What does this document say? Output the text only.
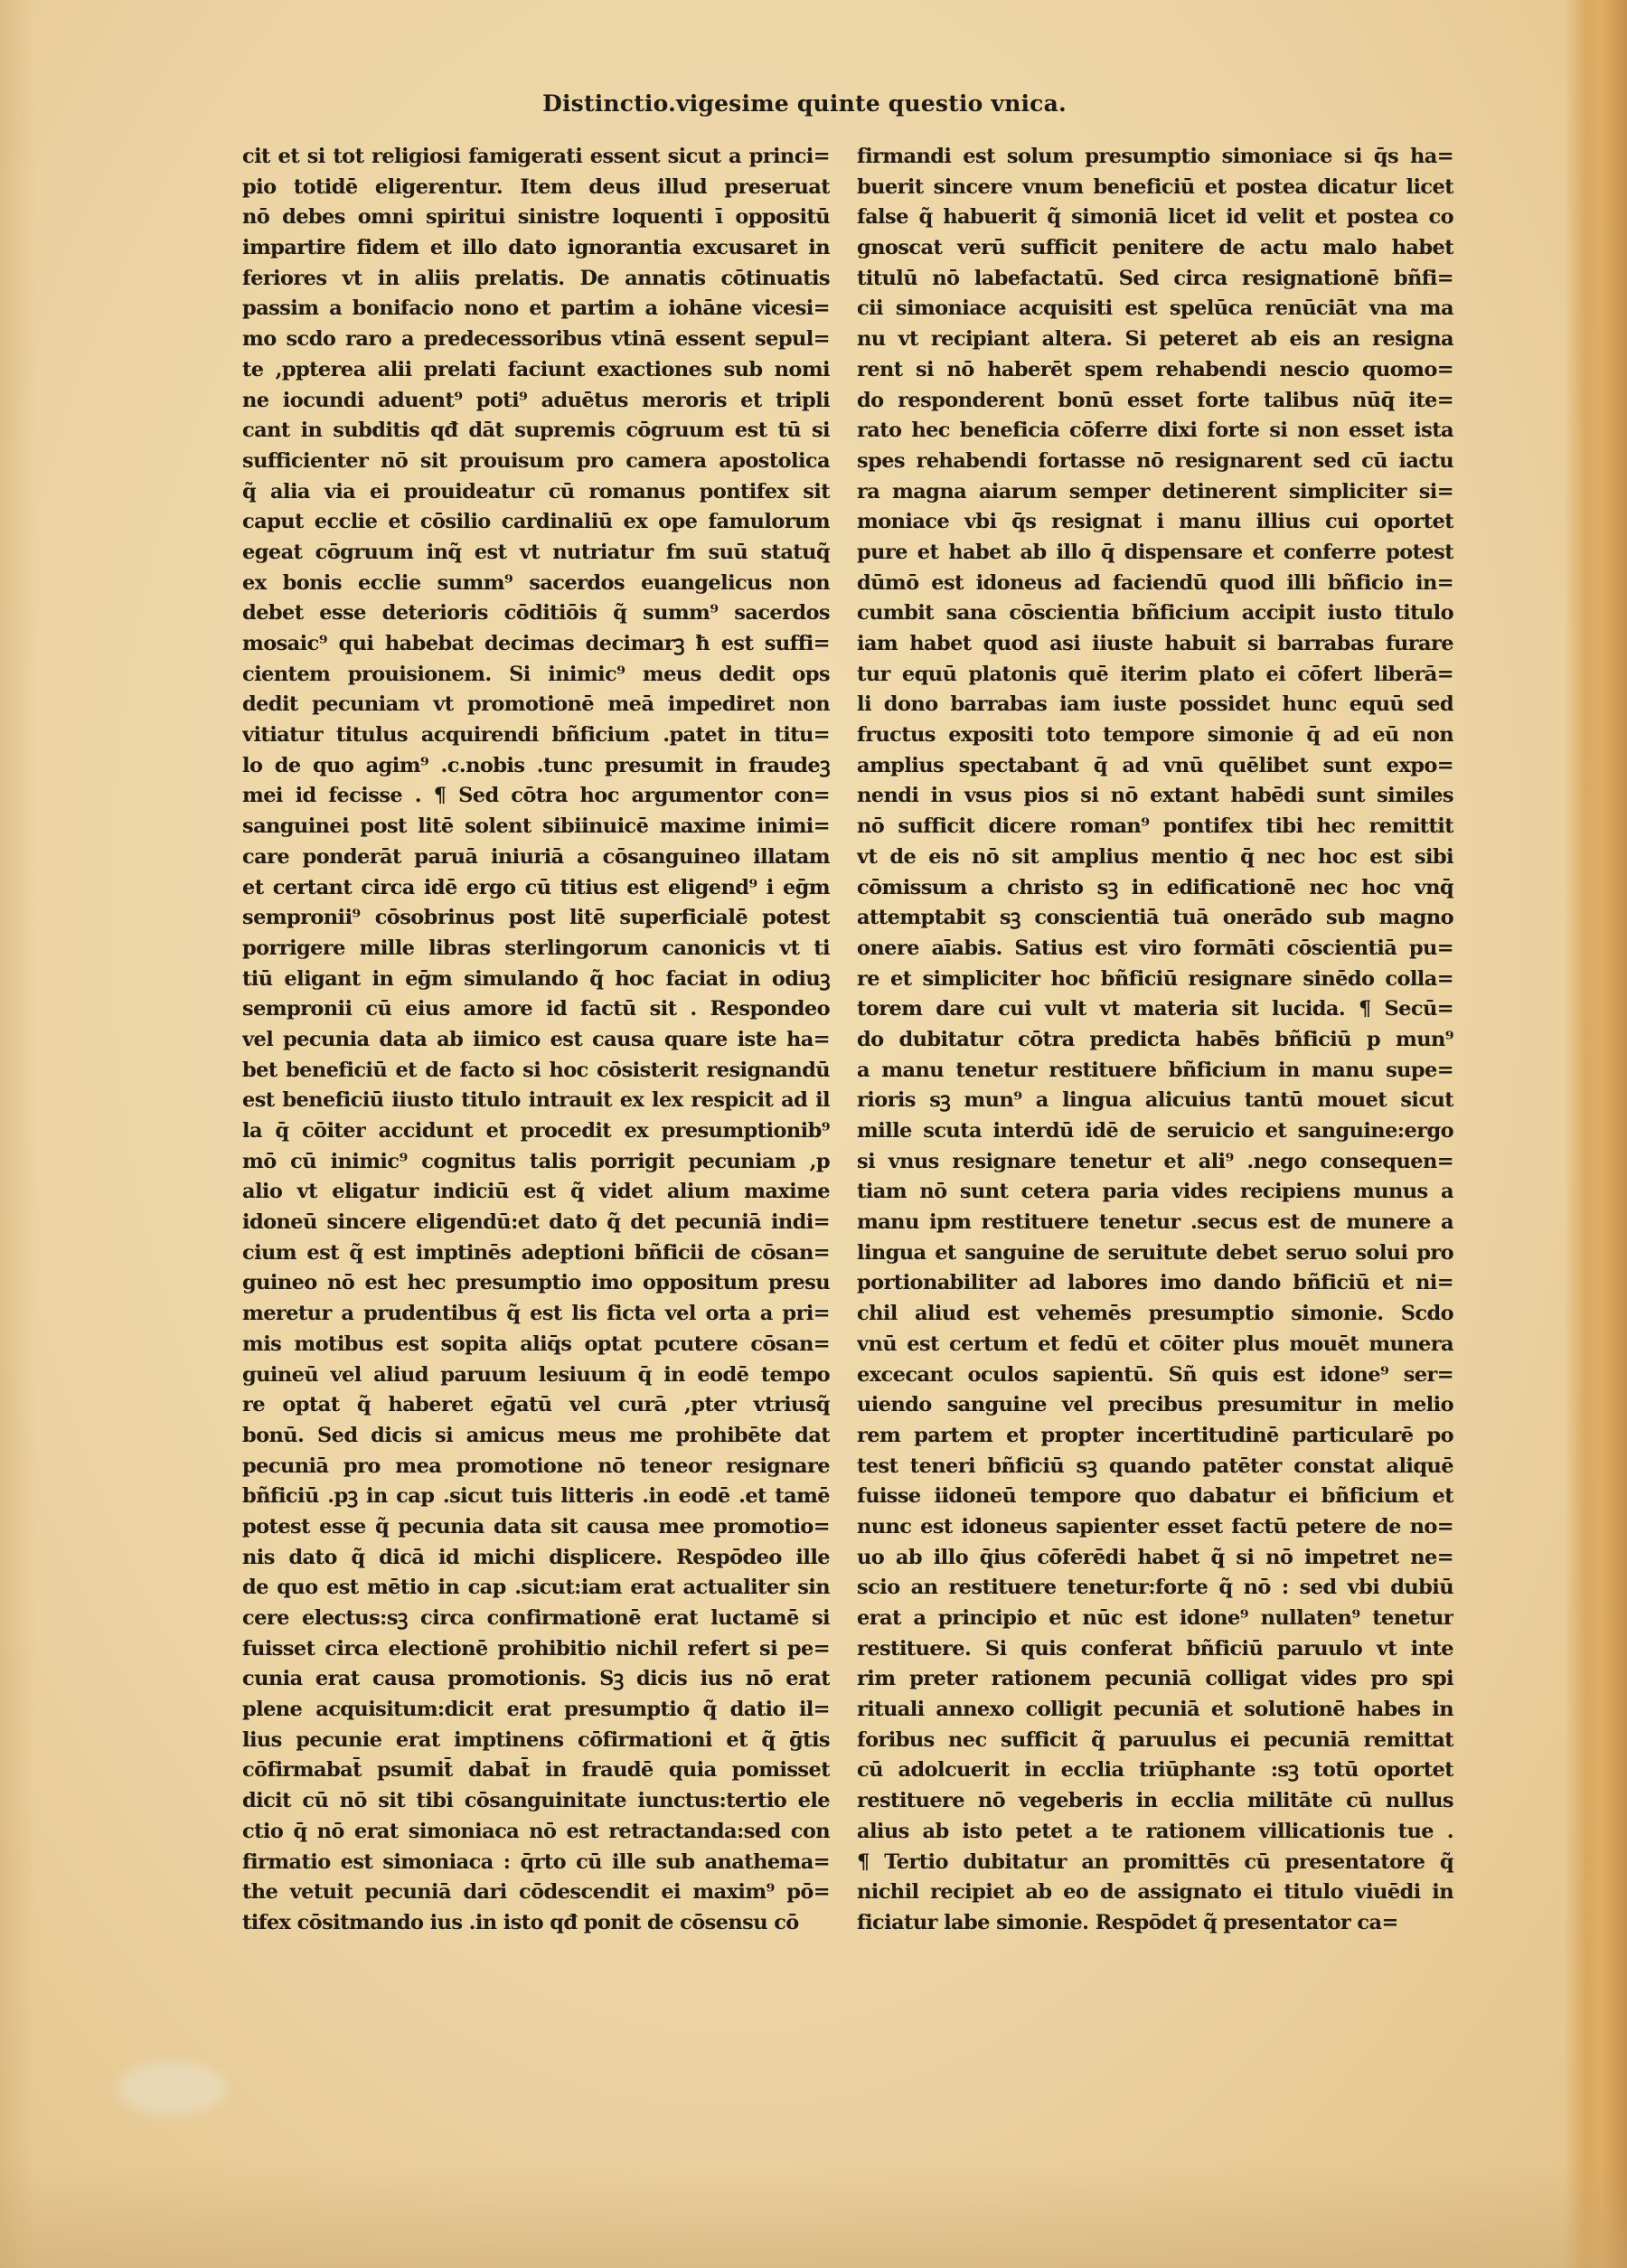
Distinctio.vigesime quinte questio vnica.
cit et si tot religiosi famigerati essent sicut a princi=
pio totidē eligerentur. Item deus illud preseruat
nō debes omni spiritui sinistre loquenti ī oppositū
impartire fidem et illo dato ignorantia excusaret in
feriores vt in aliis prelatis. De annatis cōtinuatis
passim a bonifacio nono et partim a iohāne vicesi=
mo scdo raro a predecessoribus vtinā essent sepul=
te ,ppterea alii prelati faciunt exactiones sub nomi
ne iocundi aduent⁹ poti⁹ aduētus meroris et tripli
cant in subditis qđ dāt supremis cōgruum est tū si
sufficienter nō sit prouisum pro camera apostolica
q̃ alia via ei prouideatur cū romanus pontifex sit
caput ecclie et cōsilio cardinaliū ex ope famulorum
egeat cōgruum inq̃ est vt nutriatur fm suū statuq̃
ex bonis ecclie summ⁹ sacerdos euangelicus non
debet esse deterioris cōditiōis q̃ summ⁹ sacerdos
mosaic⁹ qui habebat decimas decimarꝫ ħ est suffi=
cientem prouisionem. Si inimic⁹ meus dedit ops
dedit pecuniam vt promotionē meā impediret non
vitiatur titulus acquirendi bñficium .patet in titu=
lo de quo agim⁹ .c.nobis .tunc presumit in fraudeꝫ
mei id fecisse . ¶ Sed cōtra hoc argumentor con=
sanguinei post litē solent sibiinuicē maxime inimi=
care ponderāt paruā iniuriā a cōsanguineo illatam
et certant circa idē ergo cū titius est eligend⁹ i eḡm
sempronii⁹ cōsobrinus post litē superficialē potest
porrigere mille libras sterlingorum canonicis vt ti
tiū eligant in eḡm simulando q̃ hoc faciat in odiuꝫ
sempronii cū eius amore id factū sit . Respondeo
vel pecunia data ab iimico est causa quare iste ha=
bet beneficiū et de facto si hoc cōsisterit resignandū
est beneficiū iiusto titulo intrauit ex lex respicit ad il
la q̄ cōiter accidunt et procedit ex presumptionib⁹
mō cū inimic⁹ cognitus talis porrigit pecuniam ,p
alio vt eligatur indiciū est q̃ videt alium maxime
idoneū sincere eligendū:et dato q̃ det pecuniā indi=
cium est q̃ est imptinēs adeptioni bñficii de cōsan=
guineo nō est hec presumptio imo oppositum presu
meretur a prudentibus q̃ est lis ficta vel orta a pri=
mis motibus est sopita aliq̄s optat pcutere cōsan=
guineū vel aliud paruum lesiuum q̄ in eodē tempo
re optat q̃ haberet eḡatū vel curā ,pter vtriusq̃
bonū. Sed dicis si amicus meus me prohibēte dat
pecuniā pro mea promotione nō teneor resignare
bñficiū .pꝫ in cap .sicut tuis litteris .in eodē .et tamē
potest esse q̃ pecunia data sit causa mee promotio=
nis dato q̃ dicā id michi displicere. Respōdeo ille
de quo est mētio in cap .sicut:iam erat actualiter sin
cere electus:sꝫ circa confirmationē erat luctamē si
fuisset circa electionē prohibitio nichil refert si pe=
cunia erat causa promotionis. Sꝫ dicis ius nō erat
plene acquisitum:dicit erat presumptio q̃ datio il=
lius pecunie erat imptinens cōfirmationi et q̃ ḡtis
cōfirmabat̄ psumit̄ dabat̄ in fraudē quia pomisset
dicit cū nō sit tibi cōsanguinitate iunctus:tertio ele
ctio q̄ nō erat simoniaca nō est retractanda:sed con
firmatio est simoniaca : q̄rto cū ille sub anathema=
the vetuit pecuniā dari cōdescendit ei maxim⁹ pō=
tifex cōsitmando ius .in isto qđ ponit de cōsensu cō
firmandi est solum presumptio simoniace si q̄s ha=
buerit sincere vnum beneficiū et postea dicatur licet
false q̃ habuerit q̃ simoniā licet id velit et postea co
gnoscat verū sufficit penitere de actu malo habet
titulū nō labefactatū. Sed circa resignationē bñfi=
cii simoniace acquisiti est spelūca renūciāt vna ma
nu vt recipiant altera. Si peteret ab eis an resigna
rent si nō haberēt spem rehabendi nescio quomo=
do responderent bonū esset forte talibus nūq̄ ite=
rato hec beneficia cōferre dixi forte si non esset ista
spes rehabendi fortasse nō resignarent sed cū iactu
ra magna aiarum semper detinerent simpliciter si=
moniace vbi q̄s resignat i manu illius cui oportet
pure et habet ab illo q̄ dispensare et conferre potest
dūmō est idoneus ad faciendū quod illi bñficio in=
cumbit sana cōscientia bñficium accipit iusto titulo
iam habet quod asi iiuste habuit si barrabas furare
tur equū platonis quē iterim plato ei cōfert liberā=
li dono barrabas iam iuste possidet hunc equū sed
fructus expositi toto tempore simonie q̄ ad eū non
amplius spectabant q̄ ad vnū quēlibet sunt expo=
nendi in vsus pios si nō extant habēdi sunt similes
nō sufficit dicere roman⁹ pontifex tibi hec remittit
vt de eis nō sit amplius mentio q̄ nec hoc est sibi
cōmissum a christo sꝫ in edificationē nec hoc vnq̄
attemptabit sꝫ conscientiā tuā onerādo sub magno
onere aīabis. Satius est viro formāti cōscientiā pu=
re et simpliciter hoc bñficiū resignare sinēdo colla=
torem dare cui vult vt materia sit lucida. ¶ Secū=
do dubitatur cōtra predicta habēs bñficiū p mun⁹
a manu tenetur restituere bñficium in manu supe=
rioris sꝫ mun⁹ a lingua alicuius tantū mouet sicut
mille scuta interdū idē de seruicio et sanguine:ergo
si vnus resignare tenetur et ali⁹ .nego consequen=
tiam nō sunt cetera paria vides recipiens munus a
manu ipm restituere tenetur .secus est de munere a
lingua et sanguine de seruitute debet seruo solui pro
portionabiliter ad labores imo dando bñficiū et ni=
chil aliud est vehemēs presumptio simonie. Scdo
vnū est certum et fedū et cōiter plus mouēt munera
excecant oculos sapientū. Sñ quis est idone⁹ ser=
uiendo sanguine vel precibus presumitur in meliо
rem partem et propter incertitudinē particularē po
test teneri bñficiū sꝫ quando patēter constat aliquē
fuisse iidoneū tempore quo dabatur ei bñficium et
nunc est idoneus sapienter esset factū petere de no=
uo ab illo q̄ius cōferēdi habet q̃ si nō impetret ne=
scio an restituere tenetur:forte q̃ nō : sed vbi dubiū
erat a principio et nūc est idone⁹ nullaten⁹ tenetur
restituere. Si quis conferat bñficiū paruulo vt inte
rim preter rationem pecuniā colligat vides pro spi
rituali annexo colligit pecuniā et solutionē habes in
foribus nec sufficit q̃ paruulus ei pecuniā remittat
cū adolcuerit in ecclia triūphante :sꝫ totū oportet
restituere nō vegeberis in ecclia militāte cū nullus
alius ab isto petet a te rationem villicationis tue .
¶ Tertio dubitatur an promittēs cū presentatore q̃
nichil recipiet ab eo de assignato ei titulo viuēdi in
ficiatur labe simonie. Respōdet q̃ presentator ca=
